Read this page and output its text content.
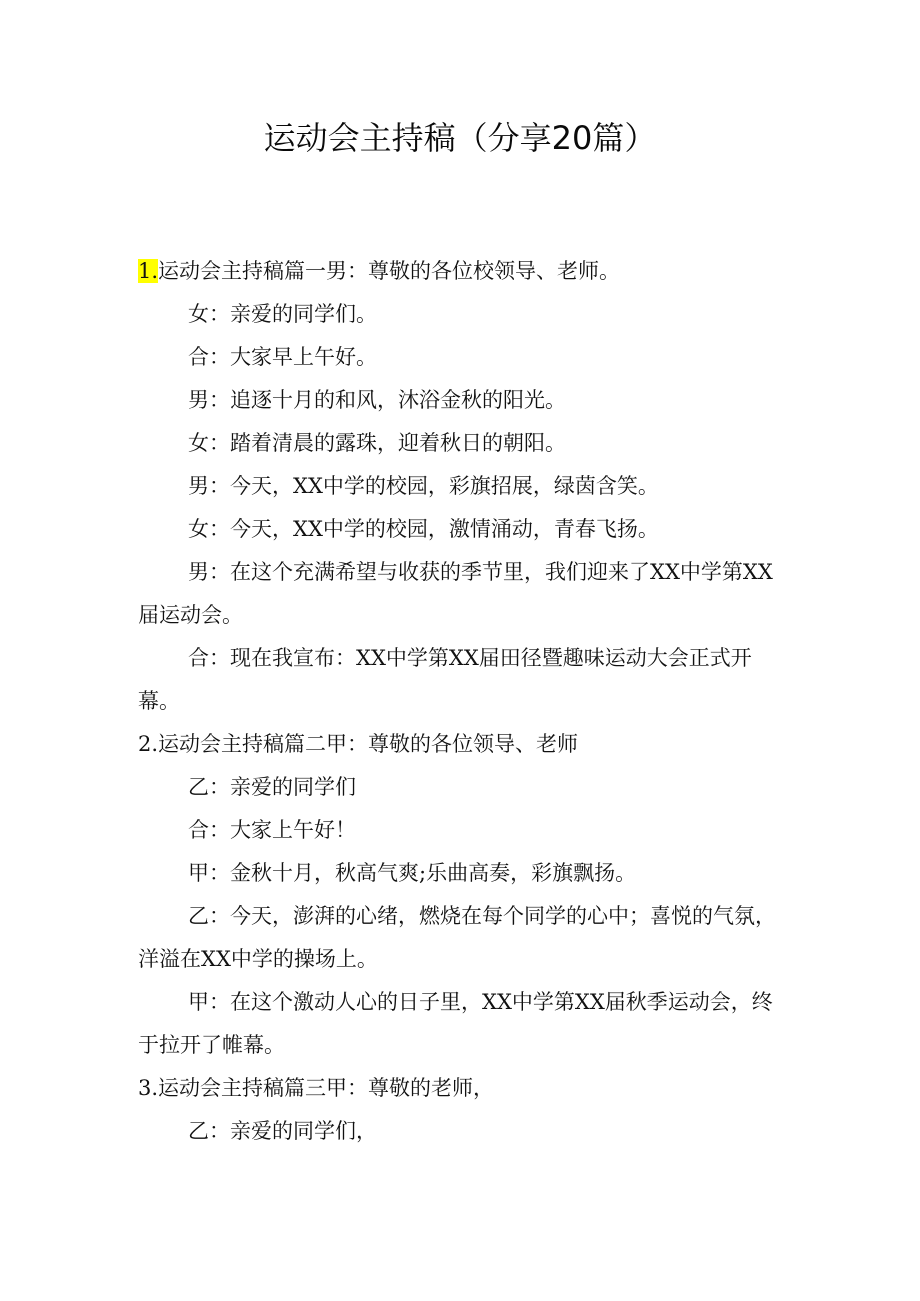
运动会主持稿（分享20篇）

1.运动会主持稿篇一男：尊敬的各位校领导、老师。

女：亲爱的同学们。

合：大家早上午好。

男：追逐十月的和风，沐浴金秋的阳光。

女：踏着清晨的露珠，迎着秋日的朝阳。

男：今天，XX中学的校园，彩旗招展，绿茵含笑。

女：今天，XX中学的校园，激情涌动，青春飞扬。

男：在这个充满希望与收获的季节里，我们迎来了XX中学第XX届运动会。

合：现在我宣布：XX中学第XX届田径暨趣味运动大会正式开幕。

2.运动会主持稿篇二甲：尊敬的各位领导、老师

乙：亲爱的同学们

合：大家上午好！

甲：金秋十月，秋高气爽;乐曲高奏，彩旗飘扬。

乙：今天，澎湃的心绪，燃烧在每个同学的心中；喜悦的气氛，洋溢在XX中学的操场上。

甲：在这个激动人心的日子里，XX中学第XX届秋季运动会，终于拉开了帷幕。

3.运动会主持稿篇三甲：尊敬的老师，

乙：亲爱的同学们，
